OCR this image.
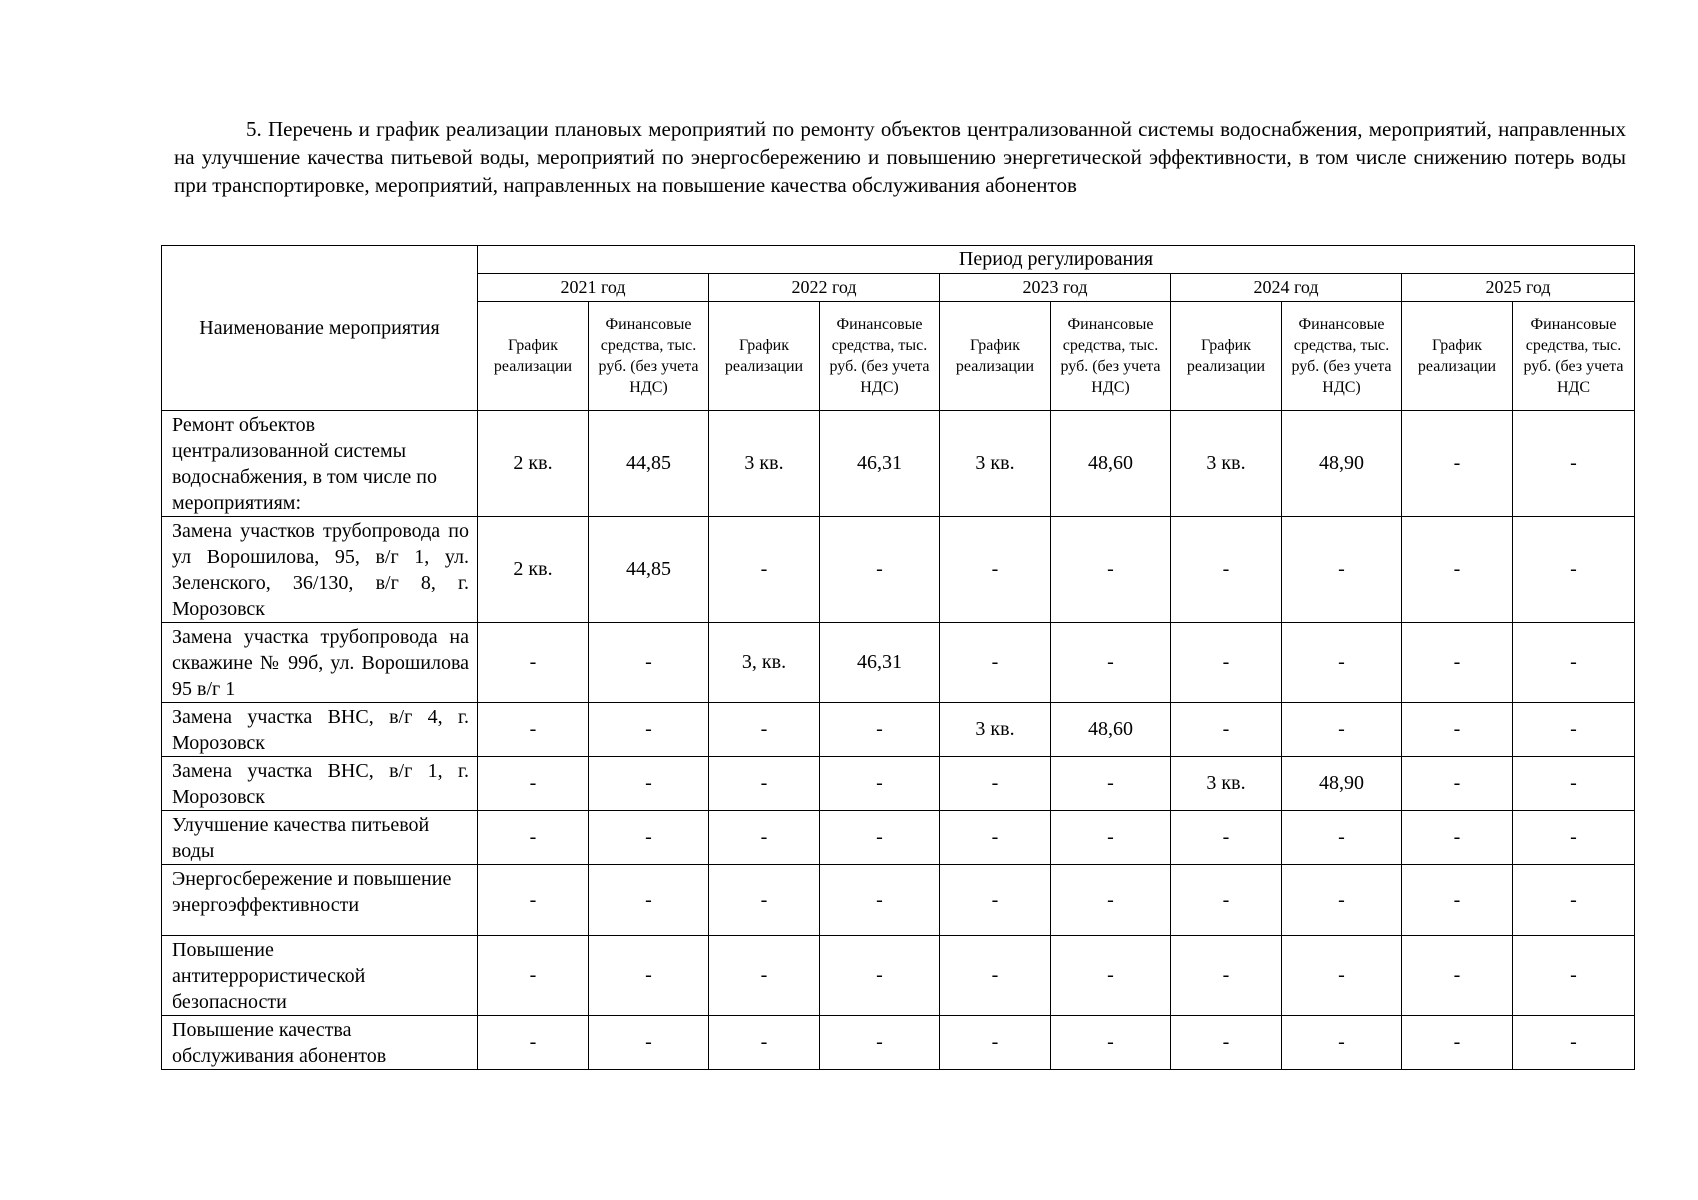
5. Перечень и график реализации плановых мероприятий по ремонту объектов централизованной системы водоснабжения, мероприятий, направленных на улучшение качества питьевой воды, мероприятий по энергосбережению и повышению энергетической эффективности, в том числе снижению потерь воды при транспортировке, мероприятий, направленных на повышение качества обслуживания абонентов
Наименование мероприятия	Период регулирования									
	2021 год		2022 год		2023 год		2024 год		2025 год	
	График реализации	Финансовые средства, тыс. руб. (без учета НДС)	График реализации	Финансовые средства, тыс. руб. (без учета НДС)	График реализации	Финансовые средства, тыс. руб. (без учета НДС)	График реализации	Финансовые средства, тыс. руб. (без учета НДС)	График реализации	Финансовые средства, тыс. руб. (без учета НДС
Ремонт объектов централизованной системы водоснабжения, в том числе по мероприятиям:	2 кв.	44,85	3 кв.	46,31	3 кв.	48,60	3 кв.	48,90	-	-
Замена участков трубопровода по ул Ворошилова, 95, в/г 1, ул. Зеленского, 36/130, в/г 8, г. Морозовск	2 кв.	44,85	-	-	-	-	-	-	-	-
Замена участка трубопровода на скважине № 99б, ул. Ворошилова 95 в/г 1	-	-	3, кв.	46,31	-	-	-	-	-	-
Замена участка ВНС, в/г 4, г. Морозовск	-	-	-	-	3 кв.	48,60	-	-	-	-
Замена участка ВНС, в/г 1, г. Морозовск	-	-	-	-	-	-	3 кв.	48,90	-	-
Улучшение качества питьевой воды	-	-	-	-	-	-	-	-	-	-
Энергосбережение и повышение энергоэффективности	-	-	-	-	-	-	-	-	-	-
Повышение антитеррористической безопасности	-	-	-	-	-	-	-	-	-	-
Повышение качества обслуживания абонентов	-	-	-	-	-	-	-	-	-	-
